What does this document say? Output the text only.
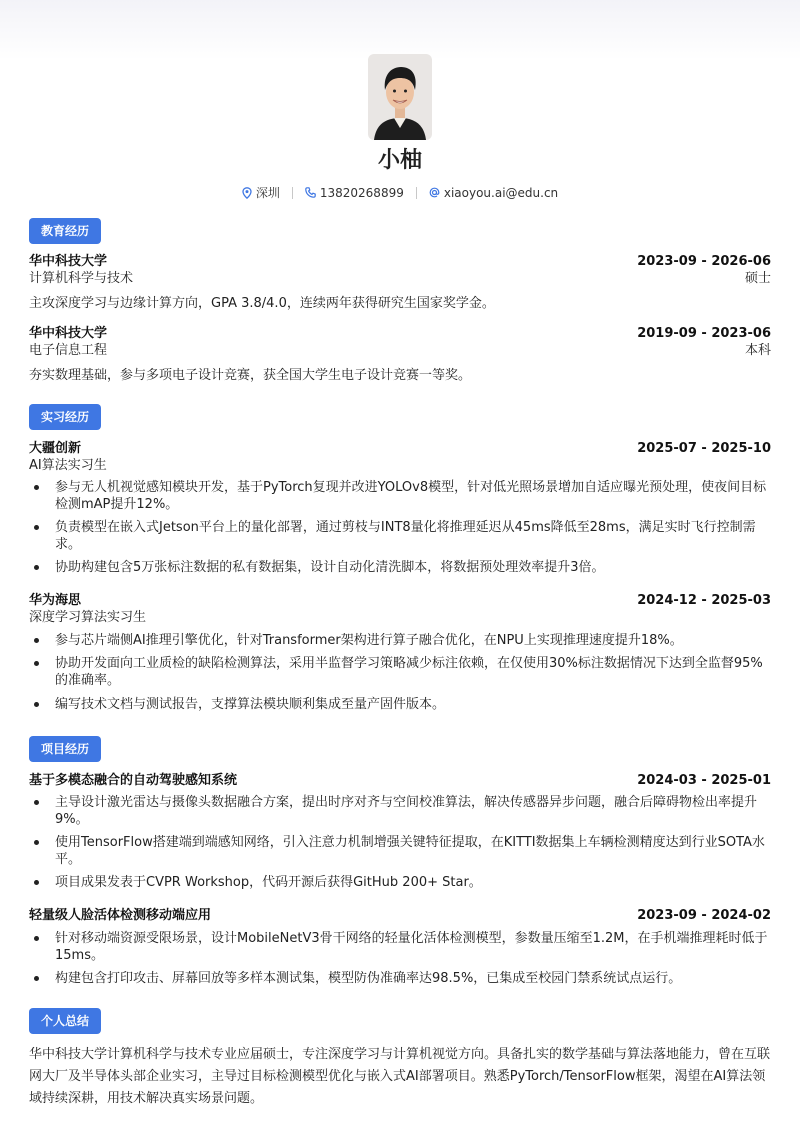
小柚
深圳	13820268899	xiaoyou.ai@edu.cn
教育经历
华中科技大学	2023-09 - 2026-06
计算机科学与技术	硕士
主攻深度学习与边缘计算方向，GPA 3.8/4.0，连续两年获得研究生国家奖学金。
华中科技大学	2019-09 - 2023-06
电子信息工程	本科
夯实数理基础，参与多项电子设计竞赛，获全国大学生电子设计竞赛一等奖。
实习经历
大疆创新	2025-07 - 2025-10
AI算法实习生
参与无人机视觉感知模块开发，基于PyTorch复现并改进YOLOv8模型，针对低光照场景增加自适应曝光预处理，使夜间目标检测mAP提升12%。
负责模型在嵌入式Jetson平台上的量化部署，通过剪枝与INT8量化将推理延迟从45ms降低至28ms，满足实时飞行控制需求。
协助构建包含5万张标注数据的私有数据集，设计自动化清洗脚本，将数据预处理效率提升3倍。
华为海思	2024-12 - 2025-03
深度学习算法实习生
参与芯片端侧AI推理引擎优化，针对Transformer架构进行算子融合优化，在NPU上实现推理速度提升18%。
协助开发面向工业质检的缺陷检测算法，采用半监督学习策略减少标注依赖，在仅使用30%标注数据情况下达到全监督95%的准确率。
编写技术文档与测试报告，支撑算法模块顺利集成至量产固件版本。
项目经历
基于多模态融合的自动驾驶感知系统	2024-03 - 2025-01
主导设计激光雷达与摄像头数据融合方案，提出时序对齐与空间校准算法，解决传感器异步问题，融合后障碍物检出率提升9%。
使用TensorFlow搭建端到端感知网络，引入注意力机制增强关键特征提取，在KITTI数据集上车辆检测精度达到行业SOTA水平。
项目成果发表于CVPR Workshop，代码开源后获得GitHub 200+ Star。
轻量级人脸活体检测移动端应用	2023-09 - 2024-02
针对移动端资源受限场景，设计MobileNetV3骨干网络的轻量化活体检测模型，参数量压缩至1.2M，在手机端推理耗时低于15ms。
构建包含打印攻击、屏幕回放等多样本测试集，模型防伪准确率达98.5%，已集成至校园门禁系统试点运行。
个人总结
华中科技大学计算机科学与技术专业应届硕士，专注深度学习与计算机视觉方向。具备扎实的数学基础与算法落地能力，曾在互联网大厂及半导体头部企业实习，主导过目标检测模型优化与嵌入式AI部署项目。熟悉PyTorch/TensorFlow框架，渴望在AI算法领域持续深耕，用技术解决真实场景问题。
